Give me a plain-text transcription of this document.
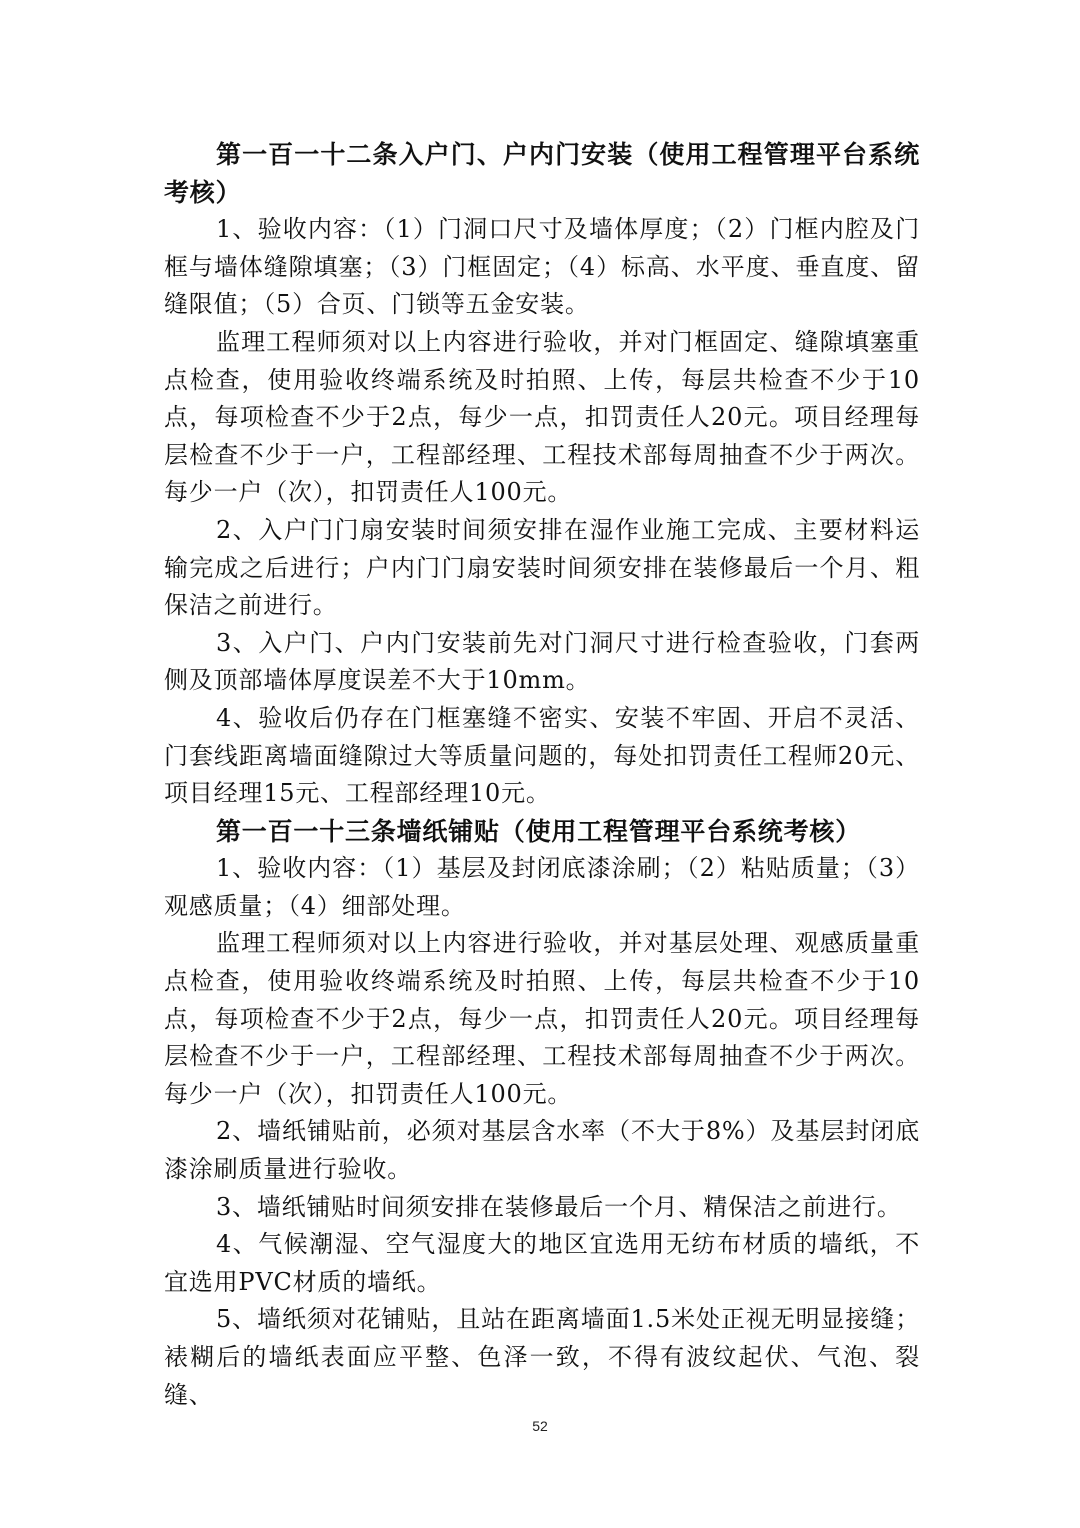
第一百一十二条入户门、户内门安装（使用工程管理平台系统考核）

1、验收内容：（1）门洞口尺寸及墙体厚度；（2）门框内腔及门框与墙体缝隙填塞；（3）门框固定；（4）标高、水平度、垂直度、留缝限值；（5）合页、门锁等五金安装。

监理工程师须对以上内容进行验收，并对门框固定、缝隙填塞重点检查，使用验收终端系统及时拍照、上传，每层共检查不少于10点，每项检查不少于2点，每少一点，扣罚责任人20元。项目经理每层检查不少于一户，工程部经理、工程技术部每周抽查不少于两次。每少一户（次），扣罚责任人100元。

2、入户门门扇安装时间须安排在湿作业施工完成、主要材料运输完成之后进行；户内门门扇安装时间须安排在装修最后一个月、粗保洁之前进行。

3、入户门、户内门安装前先对门洞尺寸进行检查验收，门套两侧及顶部墙体厚度误差不大于10mm。

4、验收后仍存在门框塞缝不密实、安装不牢固、开启不灵活、门套线距离墙面缝隙过大等质量问题的，每处扣罚责任工程师20元、项目经理15元、工程部经理10元。

第一百一十三条墙纸铺贴（使用工程管理平台系统考核）

1、验收内容：（1）基层及封闭底漆涂刷；（2）粘贴质量；（3）观感质量；（4）细部处理。

监理工程师须对以上内容进行验收，并对基层处理、观感质量重点检查，使用验收终端系统及时拍照、上传，每层共检查不少于10点，每项检查不少于2点，每少一点，扣罚责任人20元。项目经理每层检查不少于一户，工程部经理、工程技术部每周抽查不少于两次。每少一户（次），扣罚责任人100元。

2、墙纸铺贴前，必须对基层含水率（不大于8%）及基层封闭底漆涂刷质量进行验收。

3、墙纸铺贴时间须安排在装修最后一个月、精保洁之前进行。

4、气候潮湿、空气湿度大的地区宜选用无纺布材质的墙纸，不宜选用PVC材质的墙纸。

5、墙纸须对花铺贴，且站在距离墙面1.5米处正视无明显接缝；裱糊后的墙纸表面应平整、色泽一致，不得有波纹起伏、气泡、裂缝、

52
